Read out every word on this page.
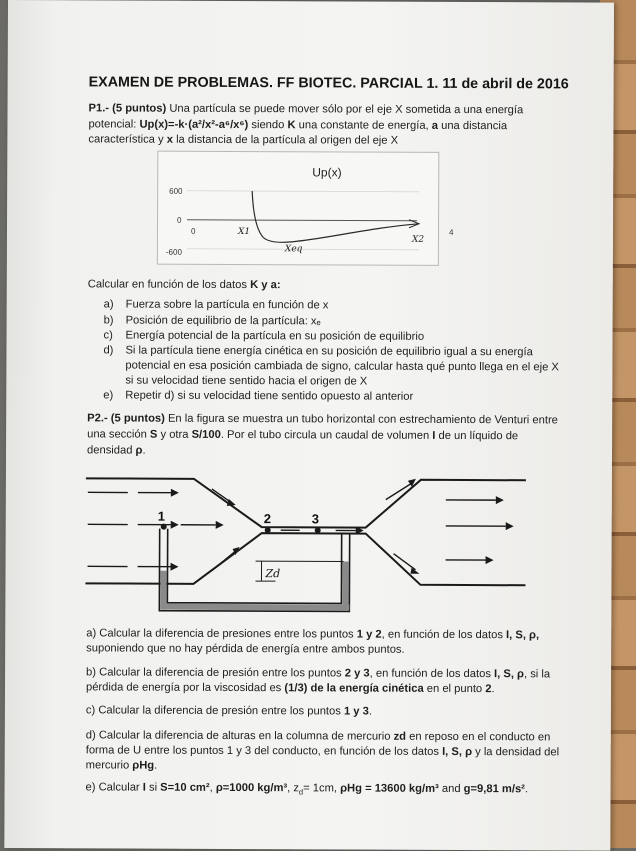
EXAMEN DE PROBLEMAS. FF BIOTEC. PARCIAL 1. 11 de abril de 2016
P1.- (5 puntos) Una partícula se puede mover sólo por el eje X sometida a una energía
potencial: Up(x)=-k·(a²/x²-a⁶/x⁶) siendo K una constante de energía, a una distancia
característica y x la distancia de la partícula al origen del eje X
Up(x)
600
0
-600
0	4
X1
Xeq
X2
Calcular en función de los datos K y a:
a) Fuerza sobre la partícula en función de x
b) Posición de equilibrio de la partícula: xₑ
c) Energía potencial de la partícula en su posición de equilibrio
d) Si la partícula tiene energía cinética en su posición de equilibrio igual a su energía
potencial en esa posición cambiada de signo, calcular hasta qué punto llega en el eje X
si su velocidad tiene sentido hacia el origen de X
e) Repetir d) si su velocidad tiene sentido opuesto al anterior
P2.- (5 puntos) En la figura se muestra un tubo horizontal con estrechamiento de Venturi entre
una sección S y otra S/100. Por el tubo circula un caudal de volumen I de un líquido de
densidad ρ.
1	2	3
Zd
a) Calcular la diferencia de presiones entre los puntos 1 y 2, en función de los datos I, S, ρ,
suponiendo que no hay pérdida de energía entre ambos puntos.
b) Calcular la diferencia de presión entre los puntos 2 y 3, en función de los datos I, S, ρ, si la
pérdida de energía por la viscosidad es (1/3) de la energía cinética en el punto 2.
c) Calcular la diferencia de presión entre los puntos 1 y 3.
d) Calcular la diferencia de alturas en la columna de mercurio zd en reposo en el conducto en
forma de U entre los puntos 1 y 3 del conducto, en función de los datos I, S, ρ y la densidad del
mercurio ρHg.
e) Calcular I si S=10 cm², ρ=1000 kg/m³, $z_d= 1cm$, ρHg = 13600 kg/m³ and g=9,81 m/s².
